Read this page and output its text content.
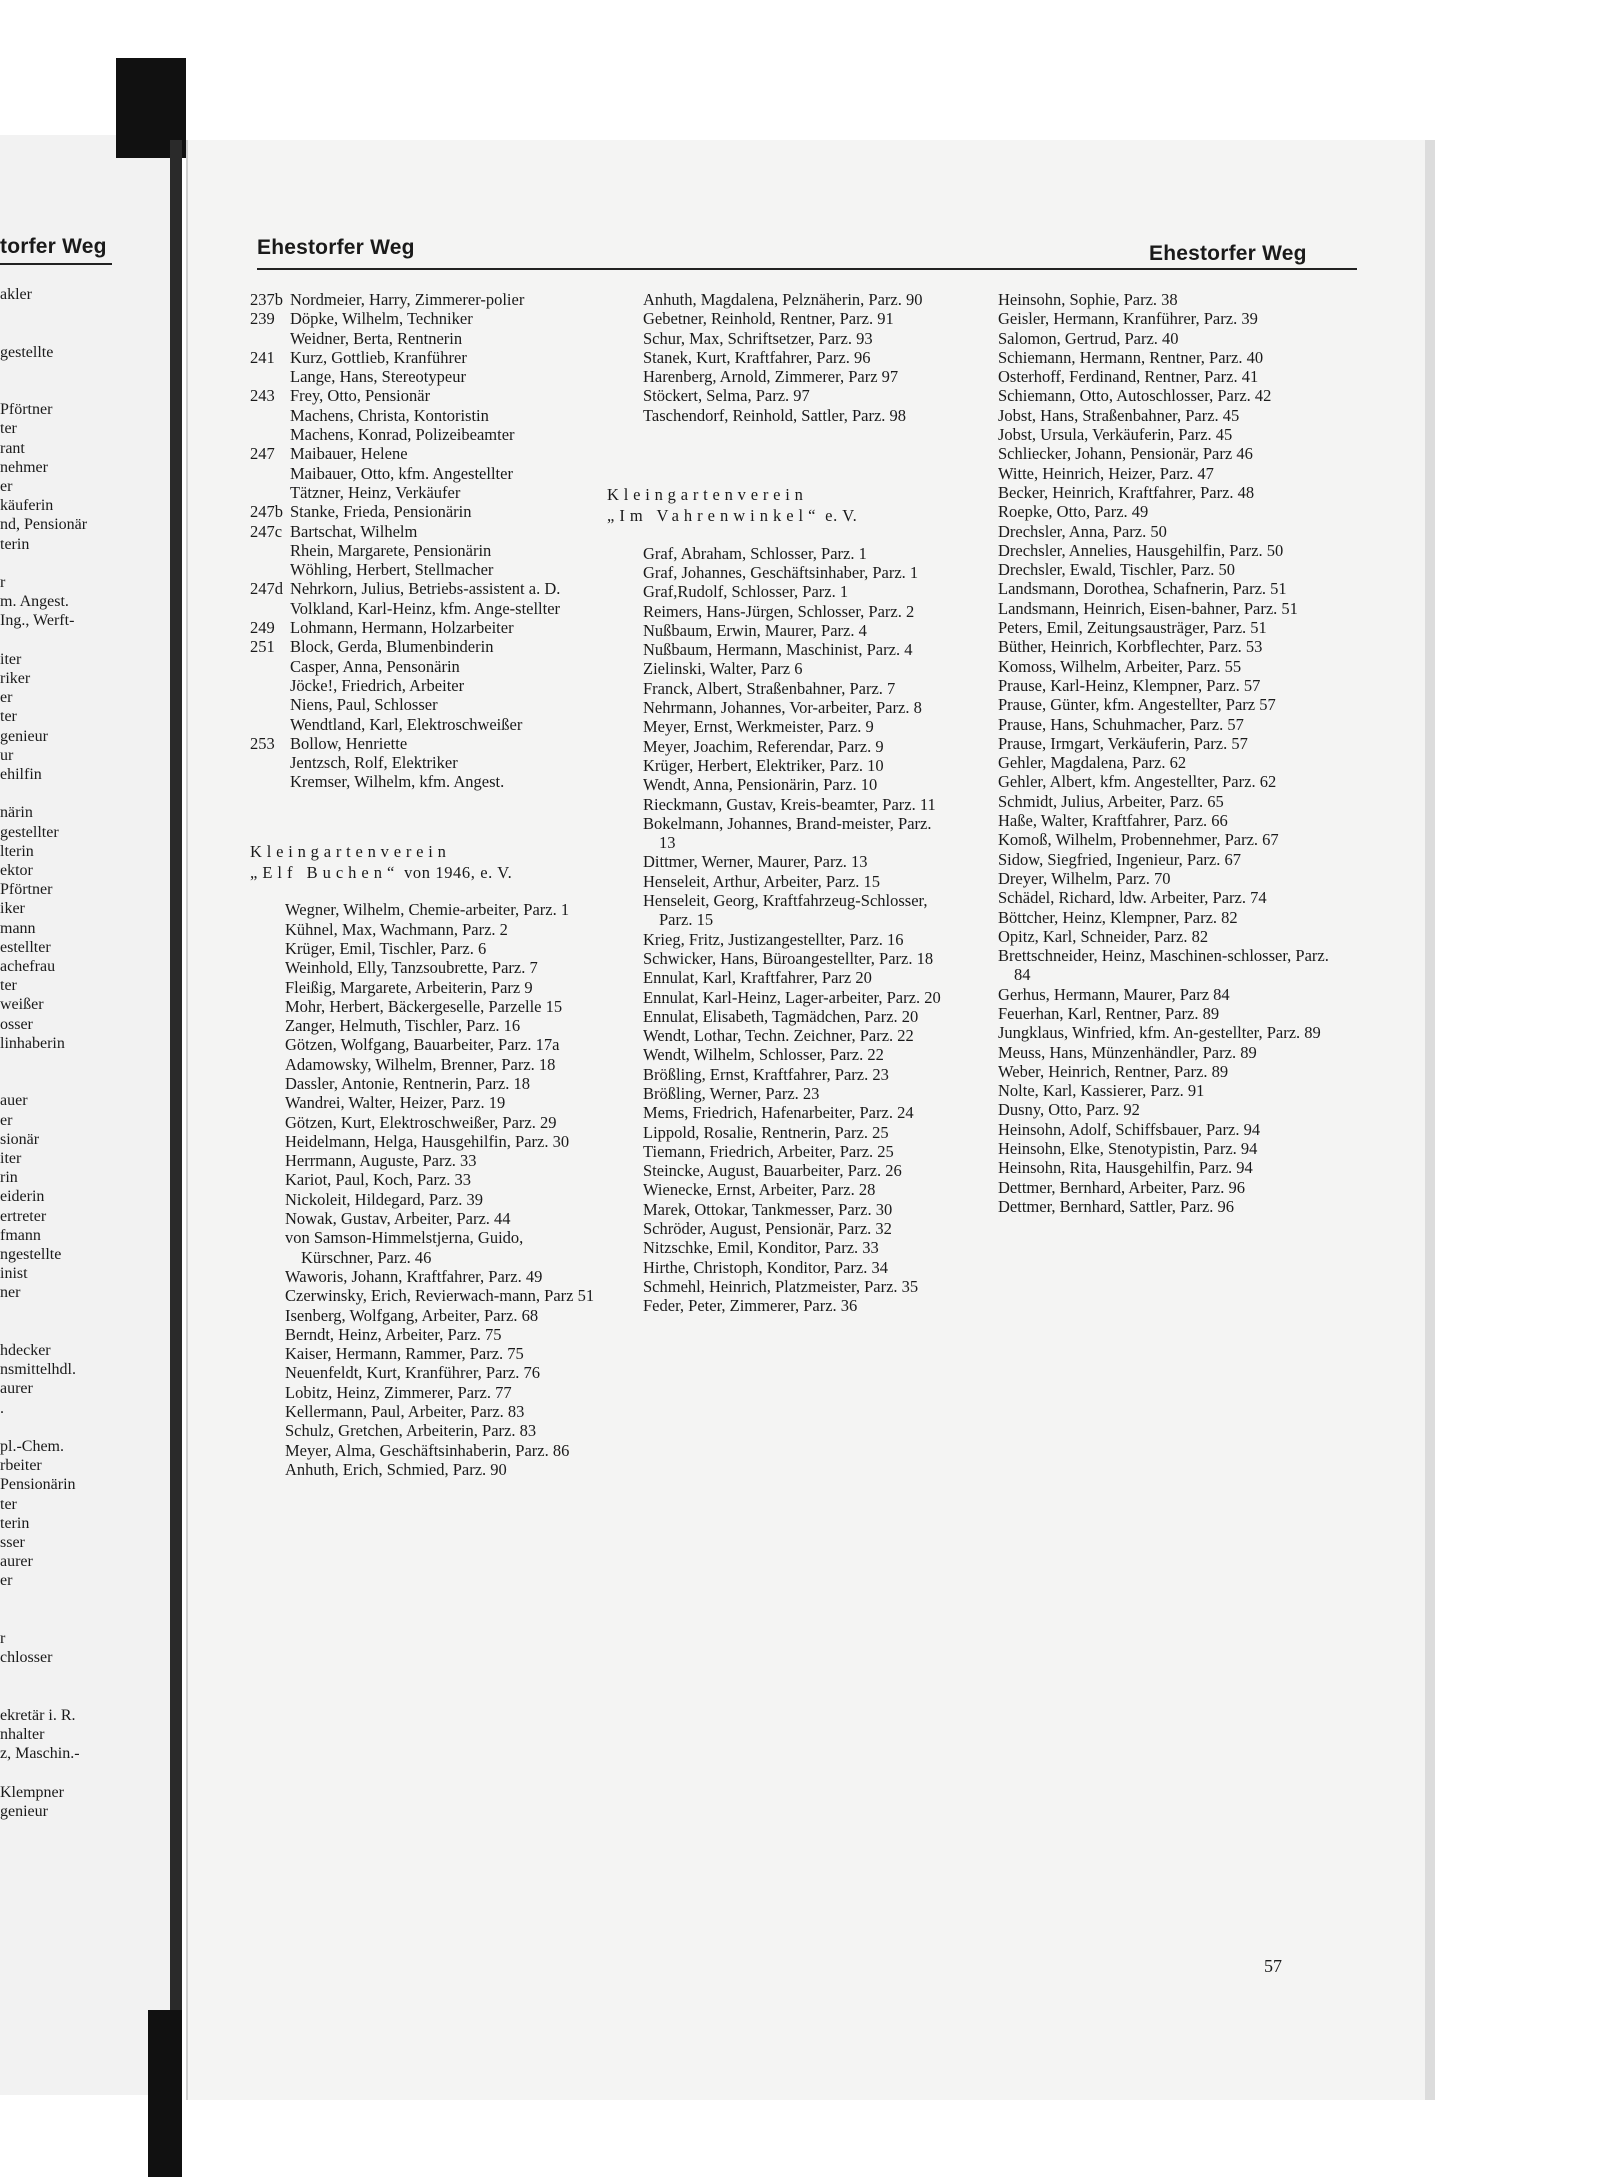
torfer Weg
akler
gestellte
Pförtner
ter
rant
nehmer
er
käuferin
nd, Pensionär
terin
r
m. Angest.
Ing., Werft-
iter
riker
er
ter
genieur
ur
ehilfin
närin
gestellter
lterin
ektor
Pförtner
iker
mann
estellter
achefrau
ter
weißer
osser
linhaberin
auer
er
sionär
iter
rin
eiderin
ertreter
fmann
ngestellte
inist
ner
hdecker
nsmittelhdl.
aurer
.
pl.-Chem.
rbeiter
Pensionärin
ter
terin
sser
aurer
er
r
chlosser
ekretär i. R.
nhalter
z, Maschin.-
Klempner
genieur
Ehestorfer Weg	Ehestorfer Weg
237b Nordmeier, Harry, Zimmerer-polier
239 Döpke, Wilhelm, Techniker
Weidner, Berta, Rentnerin
241 Kurz, Gottlieb, Kranführer
Lange, Hans, Stereotypeur
243 Frey, Otto, Pensionär
Machens, Christa, Kontoristin
Machens, Konrad, Polizeibeamter
247 Maibauer, Helene
Maibauer, Otto, kfm. Angestellter
Tätzner, Heinz, Verkäufer
247b Stanke, Frieda, Pensionärin
247c Bartschat, Wilhelm
Rhein, Margarete, Pensionärin
Wöhling, Herbert, Stellmacher
247d Nehrkorn, Julius, Betriebs-assistent a. D.
Volkland, Karl-Heinz, kfm. Ange-stellter
249 Lohmann, Hermann, Holzarbeiter
251 Block, Gerda, Blumenbinderin
Casper, Anna, Pensonärin
Jöcke!, Friedrich, Arbeiter
Niens, Paul, Schlosser
Wendtland, Karl, Elektroschweißer
253 Bollow, Henriette
Jentzsch, Rolf, Elektriker
Kremser, Wilhelm, kfm. Angest.
Kleingartenverein
„Elf Buchen“ von 1946, e. V.
Wegner, Wilhelm, Chemie-arbeiter, Parz. 1
Kühnel, Max, Wachmann, Parz. 2
Krüger, Emil, Tischler, Parz. 6
Weinhold, Elly, Tanzsoubrette, Parz. 7
Fleißig, Margarete, Arbeiterin, Parz 9
Mohr, Herbert, Bäckergeselle, Parzelle 15
Zanger, Helmuth, Tischler, Parz. 16
Götzen, Wolfgang, Bauarbeiter, Parz. 17a
Adamowsky, Wilhelm, Brenner, Parz. 18
Dassler, Antonie, Rentnerin, Parz. 18
Wandrei, Walter, Heizer, Parz. 19
Götzen, Kurt, Elektroschweißer, Parz. 29
Heidelmann, Helga, Hausgehilfin, Parz. 30
Herrmann, Auguste, Parz. 33
Kariot, Paul, Koch, Parz. 33
Nickoleit, Hildegard, Parz. 39
Nowak, Gustav, Arbeiter, Parz. 44
von Samson-Himmelstjerna, Guido, Kürschner, Parz. 46
Waworis, Johann, Kraftfahrer, Parz. 49
Czerwinsky, Erich, Revierwach-mann, Parz 51
Isenberg, Wolfgang, Arbeiter, Parz. 68
Berndt, Heinz, Arbeiter, Parz. 75
Kaiser, Hermann, Rammer, Parz. 75
Neuenfeldt, Kurt, Kranführer, Parz. 76
Lobitz, Heinz, Zimmerer, Parz. 77
Kellermann, Paul, Arbeiter, Parz. 83
Schulz, Gretchen, Arbeiterin, Parz. 83
Meyer, Alma, Geschäftsinhaberin, Parz. 86
Anhuth, Erich, Schmied, Parz. 90
Anhuth, Magdalena, Pelznäherin, Parz. 90
Gebetner, Reinhold, Rentner, Parz. 91
Schur, Max, Schriftsetzer, Parz. 93
Stanek, Kurt, Kraftfahrer, Parz. 96
Harenberg, Arnold, Zimmerer, Parz 97
Stöckert, Selma, Parz. 97
Taschendorf, Reinhold, Sattler, Parz. 98
Kleingartenverein
„Im Vahrenwinkel“ e. V.
Graf, Abraham, Schlosser, Parz. 1
Graf, Johannes, Geschäftsinhaber, Parz. 1
Graf,Rudolf, Schlosser, Parz. 1
Reimers, Hans-Jürgen, Schlosser, Parz. 2
Nußbaum, Erwin, Maurer, Parz. 4
Nußbaum, Hermann, Maschinist, Parz. 4
Zielinski, Walter, Parz 6
Franck, Albert, Straßenbahner, Parz. 7
Nehrmann, Johannes, Vor-arbeiter, Parz. 8
Meyer, Ernst, Werkmeister, Parz. 9
Meyer, Joachim, Referendar, Parz. 9
Krüger, Herbert, Elektriker, Parz. 10
Wendt, Anna, Pensionärin, Parz. 10
Rieckmann, Gustav, Kreis-beamter, Parz. 11
Bokelmann, Johannes, Brand-meister, Parz. 13
Dittmer, Werner, Maurer, Parz. 13
Henseleit, Arthur, Arbeiter, Parz. 15
Henseleit, Georg, Kraftfahrzeug-Schlosser, Parz. 15
Krieg, Fritz, Justizangestellter, Parz. 16
Schwicker, Hans, Büroangestellter, Parz. 18
Ennulat, Karl, Kraftfahrer, Parz 20
Ennulat, Karl-Heinz, Lager-arbeiter, Parz. 20
Ennulat, Elisabeth, Tagmädchen, Parz. 20
Wendt, Lothar, Techn. Zeichner, Parz. 22
Wendt, Wilhelm, Schlosser, Parz. 22
Brößling, Ernst, Kraftfahrer, Parz. 23
Brößling, Werner, Parz. 23
Mems, Friedrich, Hafenarbeiter, Parz. 24
Lippold, Rosalie, Rentnerin, Parz. 25
Tiemann, Friedrich, Arbeiter, Parz. 25
Steincke, August, Bauarbeiter, Parz. 26
Wienecke, Ernst, Arbeiter, Parz. 28
Marek, Ottokar, Tankmesser, Parz. 30
Schröder, August, Pensionär, Parz. 32
Nitzschke, Emil, Konditor, Parz. 33
Hirthe, Christoph, Konditor, Parz. 34
Schmehl, Heinrich, Platzmeister, Parz. 35
Feder, Peter, Zimmerer, Parz. 36
Heinsohn, Sophie, Parz. 38
Geisler, Hermann, Kranführer, Parz. 39
Salomon, Gertrud, Parz. 40
Schiemann, Hermann, Rentner, Parz. 40
Osterhoff, Ferdinand, Rentner, Parz. 41
Schiemann, Otto, Autoschlosser, Parz. 42
Jobst, Hans, Straßenbahner, Parz. 45
Jobst, Ursula, Verkäuferin, Parz. 45
Schliecker, Johann, Pensionär, Parz 46
Witte, Heinrich, Heizer, Parz. 47
Becker, Heinrich, Kraftfahrer, Parz. 48
Roepke, Otto, Parz. 49
Drechsler, Anna, Parz. 50
Drechsler, Annelies, Hausgehilfin, Parz. 50
Drechsler, Ewald, Tischler, Parz. 50
Landsmann, Dorothea, Schafnerin, Parz. 51
Landsmann, Heinrich, Eisen-bahner, Parz. 51
Peters, Emil, Zeitungsausträger, Parz. 51
Büther, Heinrich, Korbflechter, Parz. 53
Komoss, Wilhelm, Arbeiter, Parz. 55
Prause, Karl-Heinz, Klempner, Parz. 57
Prause, Günter, kfm. Angestellter, Parz 57
Prause, Hans, Schuhmacher, Parz. 57
Prause, Irmgart, Verkäuferin, Parz. 57
Gehler, Magdalena, Parz. 62
Gehler, Albert, kfm. Angestellter, Parz. 62
Schmidt, Julius, Arbeiter, Parz. 65
Haße, Walter, Kraftfahrer, Parz. 66
Komoß, Wilhelm, Probennehmer, Parz. 67
Sidow, Siegfried, Ingenieur, Parz. 67
Dreyer, Wilhelm, Parz. 70
Schädel, Richard, ldw. Arbeiter, Parz. 74
Böttcher, Heinz, Klempner, Parz. 82
Opitz, Karl, Schneider, Parz. 82
Brettschneider, Heinz, Maschinen-schlosser, Parz. 84
Gerhus, Hermann, Maurer, Parz 84
Feuerhan, Karl, Rentner, Parz. 89
Jungklaus, Winfried, kfm. An-gestellter, Parz. 89
Meuss, Hans, Münzenhändler, Parz. 89
Weber, Heinrich, Rentner, Parz. 89
Nolte, Karl, Kassierer, Parz. 91
Dusny, Otto, Parz. 92
Heinsohn, Adolf, Schiffsbauer, Parz. 94
Heinsohn, Elke, Stenotypistin, Parz. 94
Heinsohn, Rita, Hausgehilfin, Parz. 94
Dettmer, Bernhard, Arbeiter, Parz. 96
Dettmer, Bernhard, Sattler, Parz. 96
57
